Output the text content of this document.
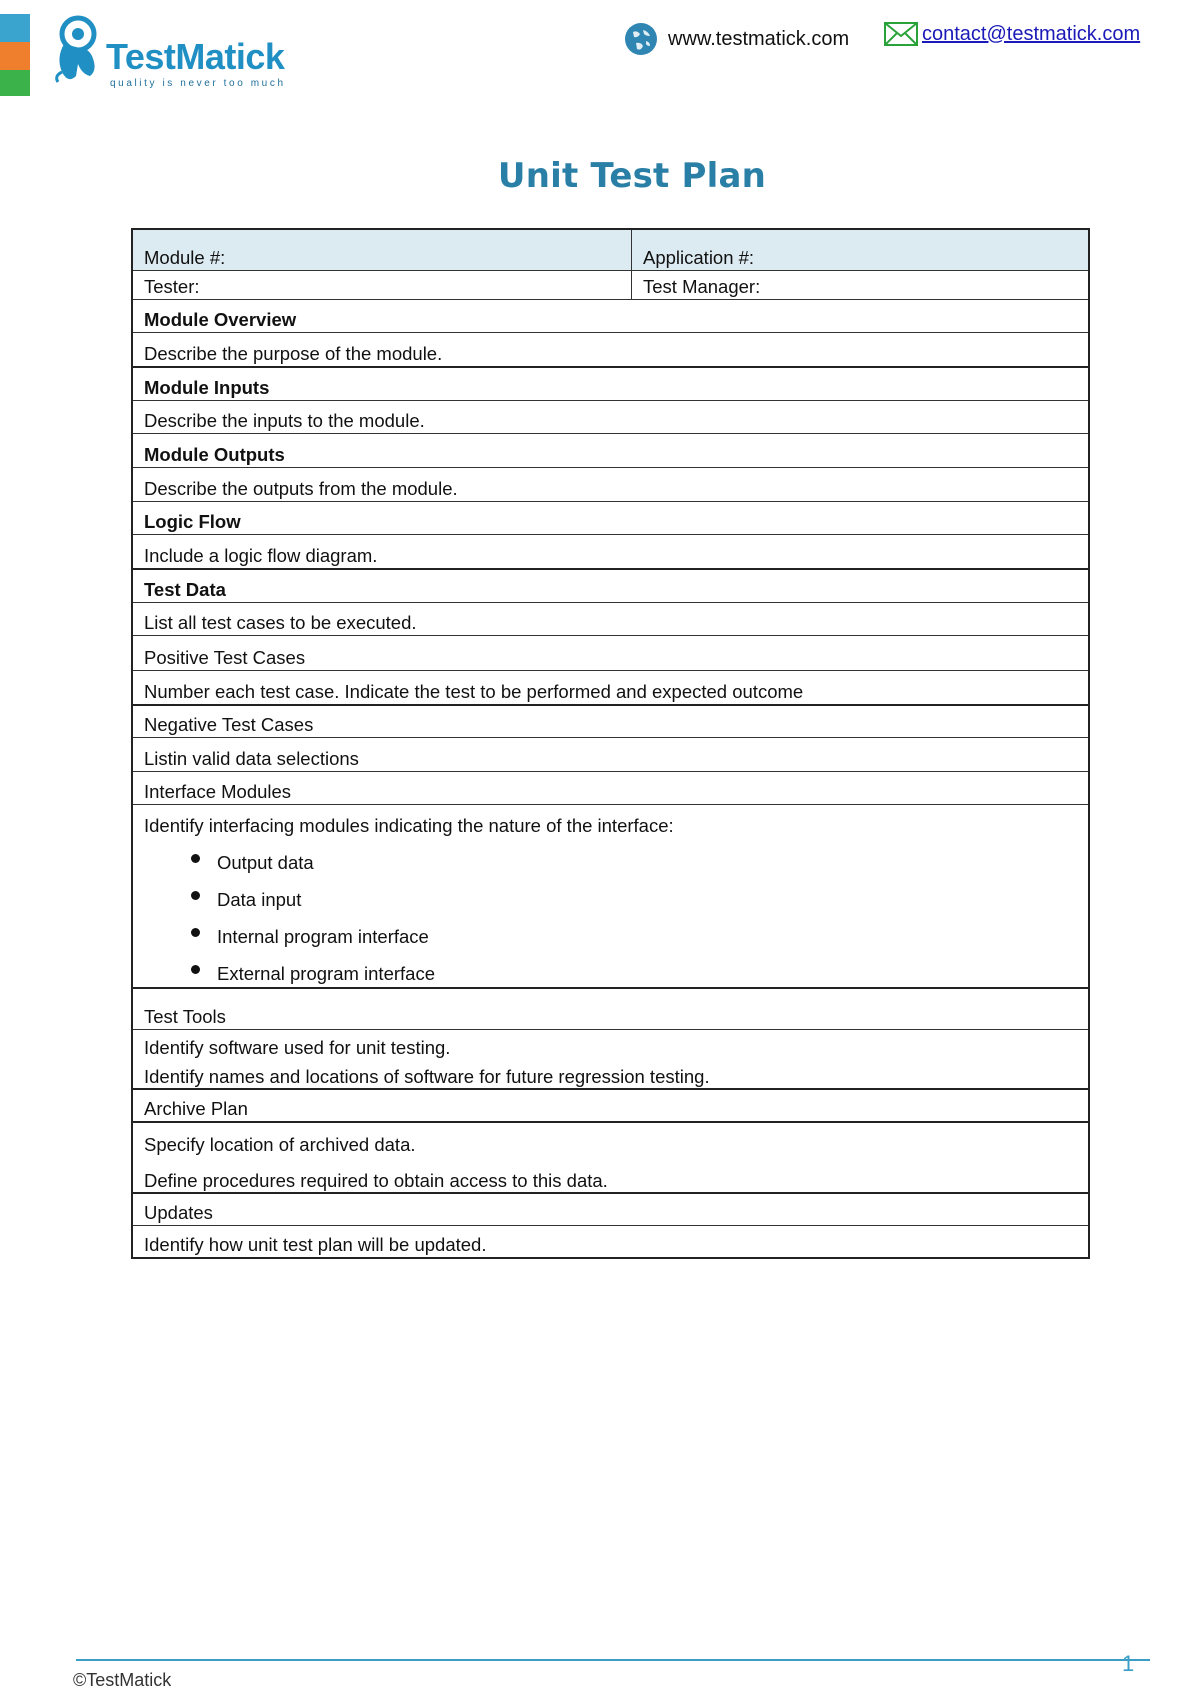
TestMatick
quality is never too much
www.testmatick.com	contact@testmatick.com
Unit Test Plan
Module #:	Application #:
Tester:	Test Manager:
Module Overview
Describe the purpose of the module.
Module Inputs
Describe the inputs to the module.
Module Outputs
Describe the outputs from the module.
Logic Flow
Include a logic flow diagram.
Test Data
List all test cases to be executed.
Positive Test Cases
Number each test case. Indicate the test to be performed and expected outcome
Negative Test Cases
Listin valid data selections
Interface Modules
Identify interfacing modules indicating the nature of the interface:
Output data
Data input
Internal program interface
External program interface
Test Tools
Identify software used for unit testing.
Identify names and locations of software for future regression testing.
Archive Plan
Specify location of archived data.
Define procedures required to obtain access to this data.
Updates
Identify how unit test plan will be updated.
©TestMatick
1
